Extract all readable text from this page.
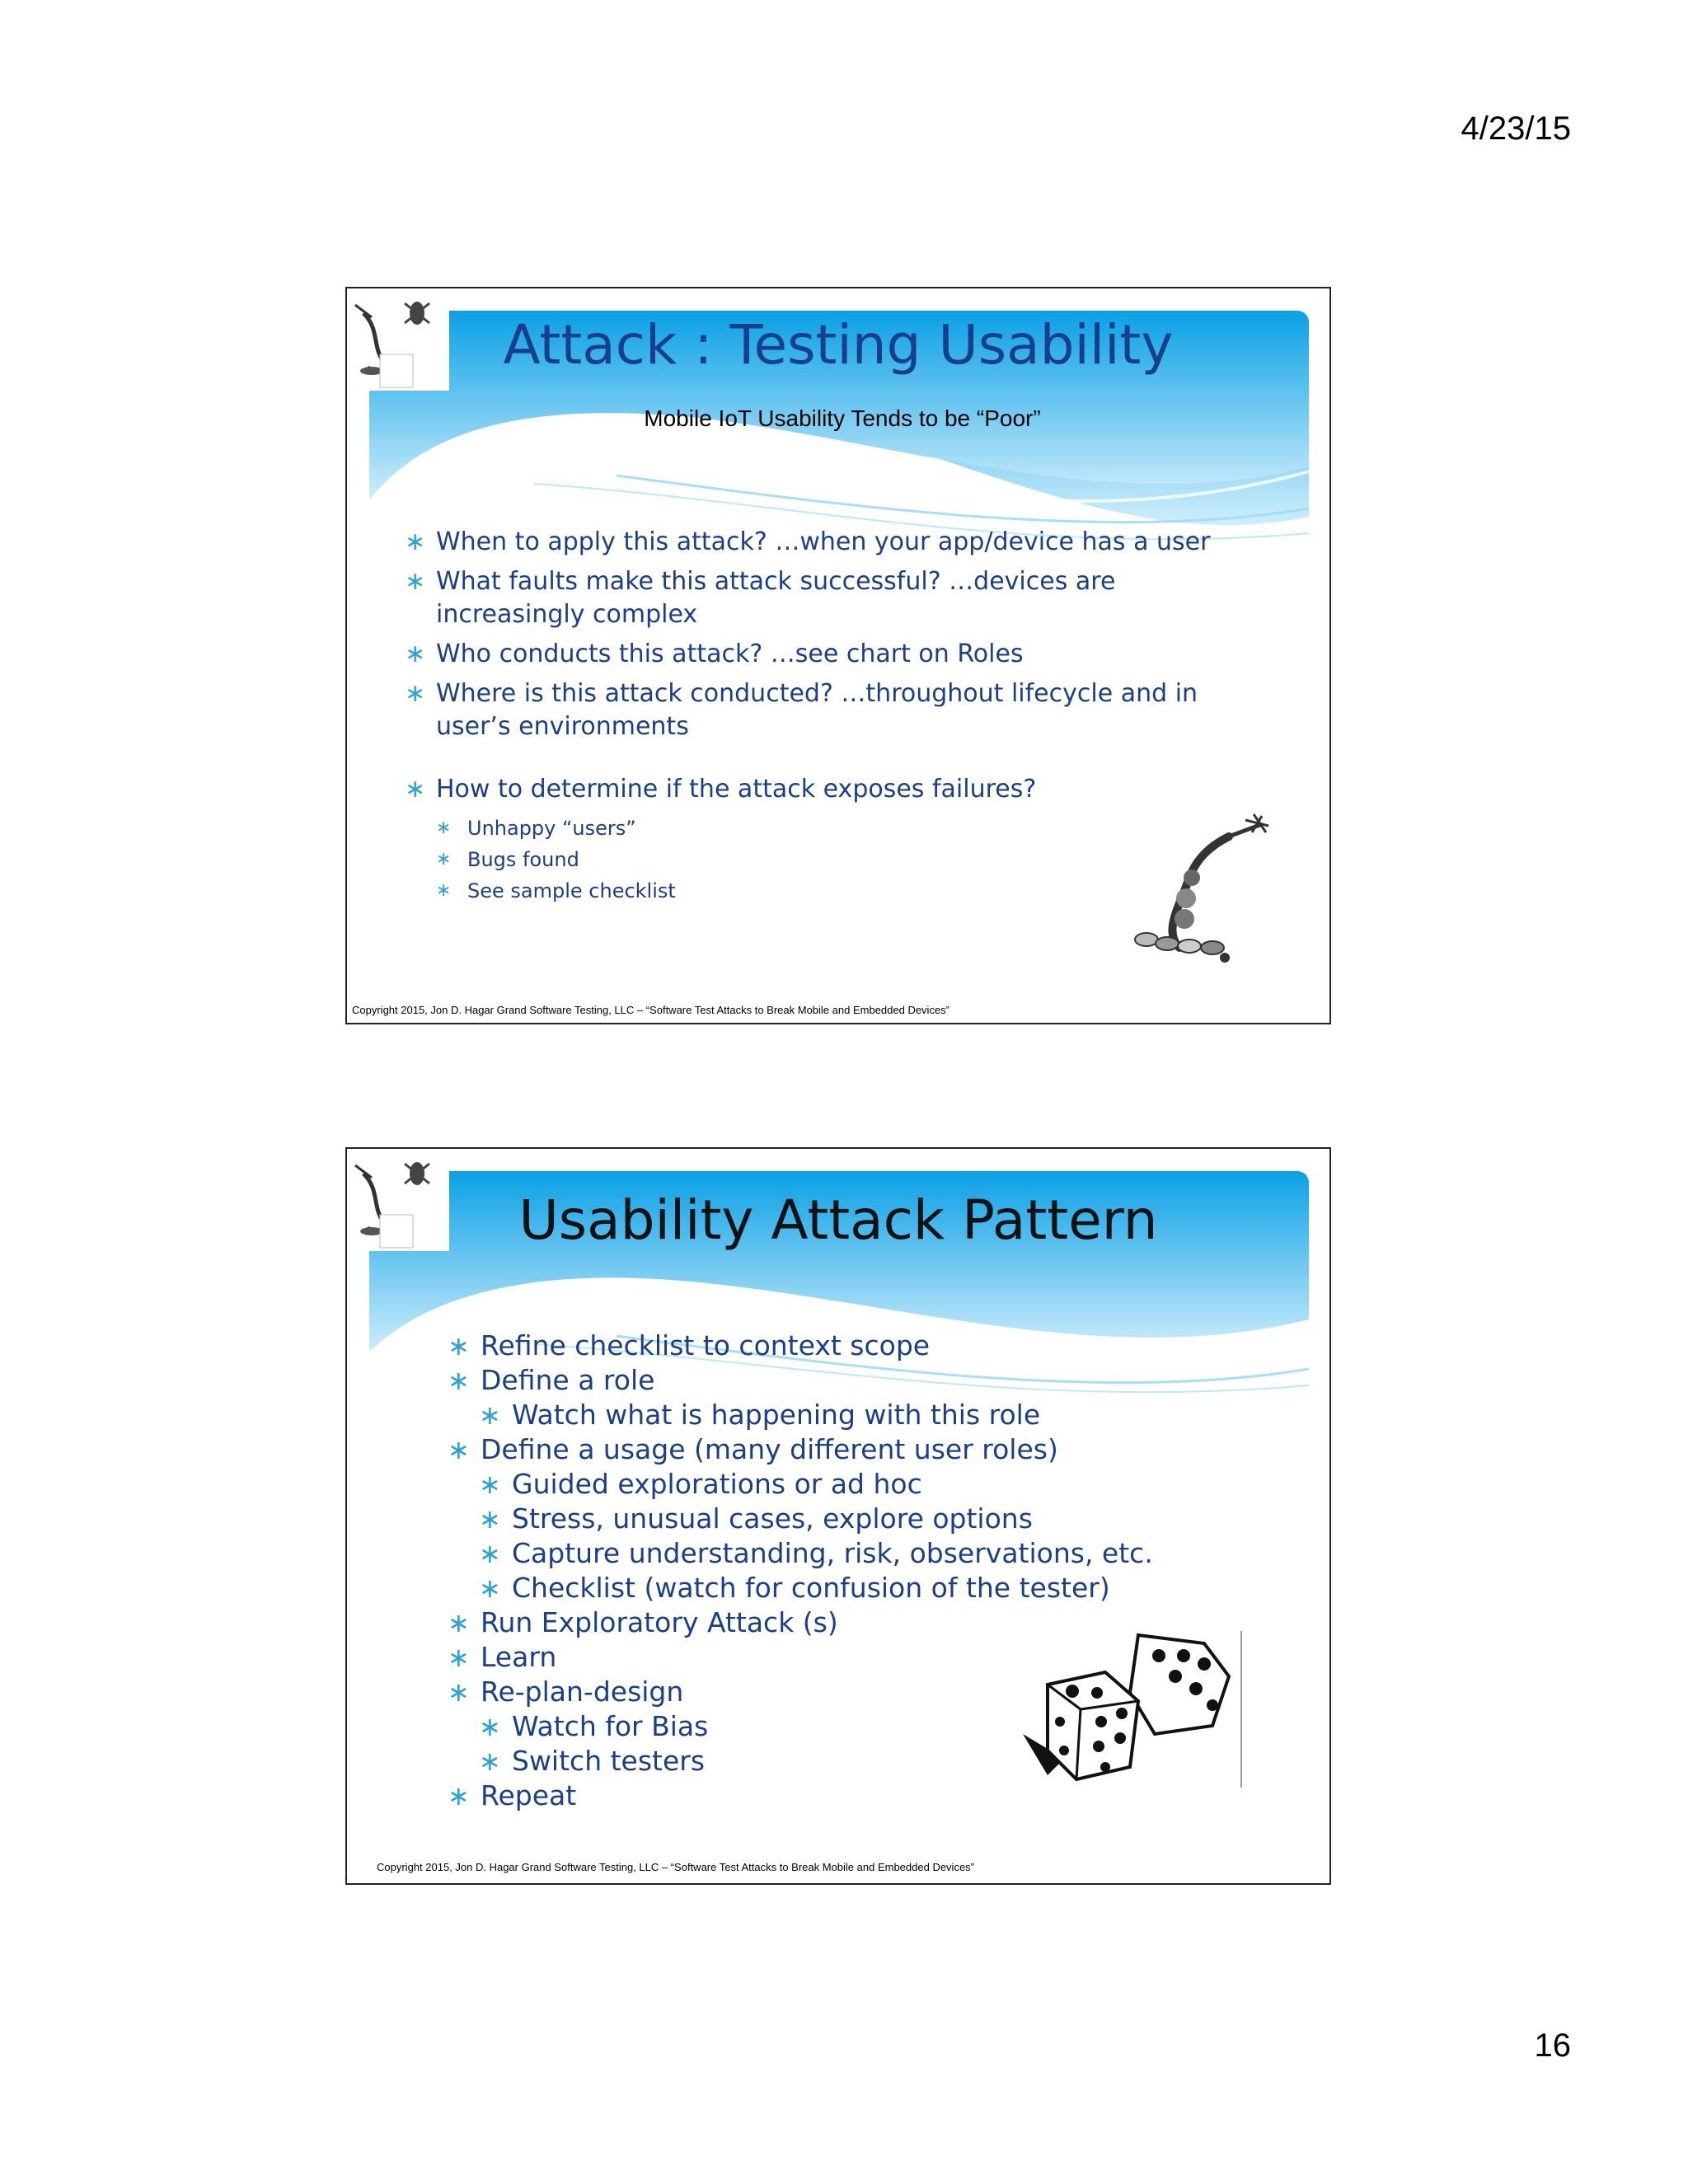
4/23/15
Attack : Testing Usability
Mobile IoT Usability Tends to be “Poor”
∗ When to apply this attack? …when your app/device has a user
∗ What faults make this attack successful? …devices are increasingly complex
∗ Who conducts this attack? …see chart on Roles
∗ Where is this attack conducted? …throughout lifecycle and in user’s environments
∗ How to determine if the attack exposes failures?
∗ Unhappy “users”
∗ Bugs found
∗ See sample checklist
Copyright 2015, Jon D. Hagar Grand Software Testing, LLC – “Software Test Attacks to Break Mobile and Embedded Devices”
Usability Attack Pattern
∗ Refine checklist to context scope
∗ Define a role
∗ Watch what is happening with this role
∗ Define a usage (many different user roles)
∗ Guided explorations or ad hoc
∗ Stress, unusual cases, explore options
∗ Capture understanding, risk, observations, etc.
∗ Checklist (watch for confusion of the tester)
∗ Run Exploratory Attack (s)
∗ Learn
∗ Re-plan-design
∗ Watch for Bias
∗ Switch testers
∗ Repeat
Copyright 2015, Jon D. Hagar Grand Software Testing, LLC – “Software Test Attacks to Break Mobile and Embedded Devices”
16
